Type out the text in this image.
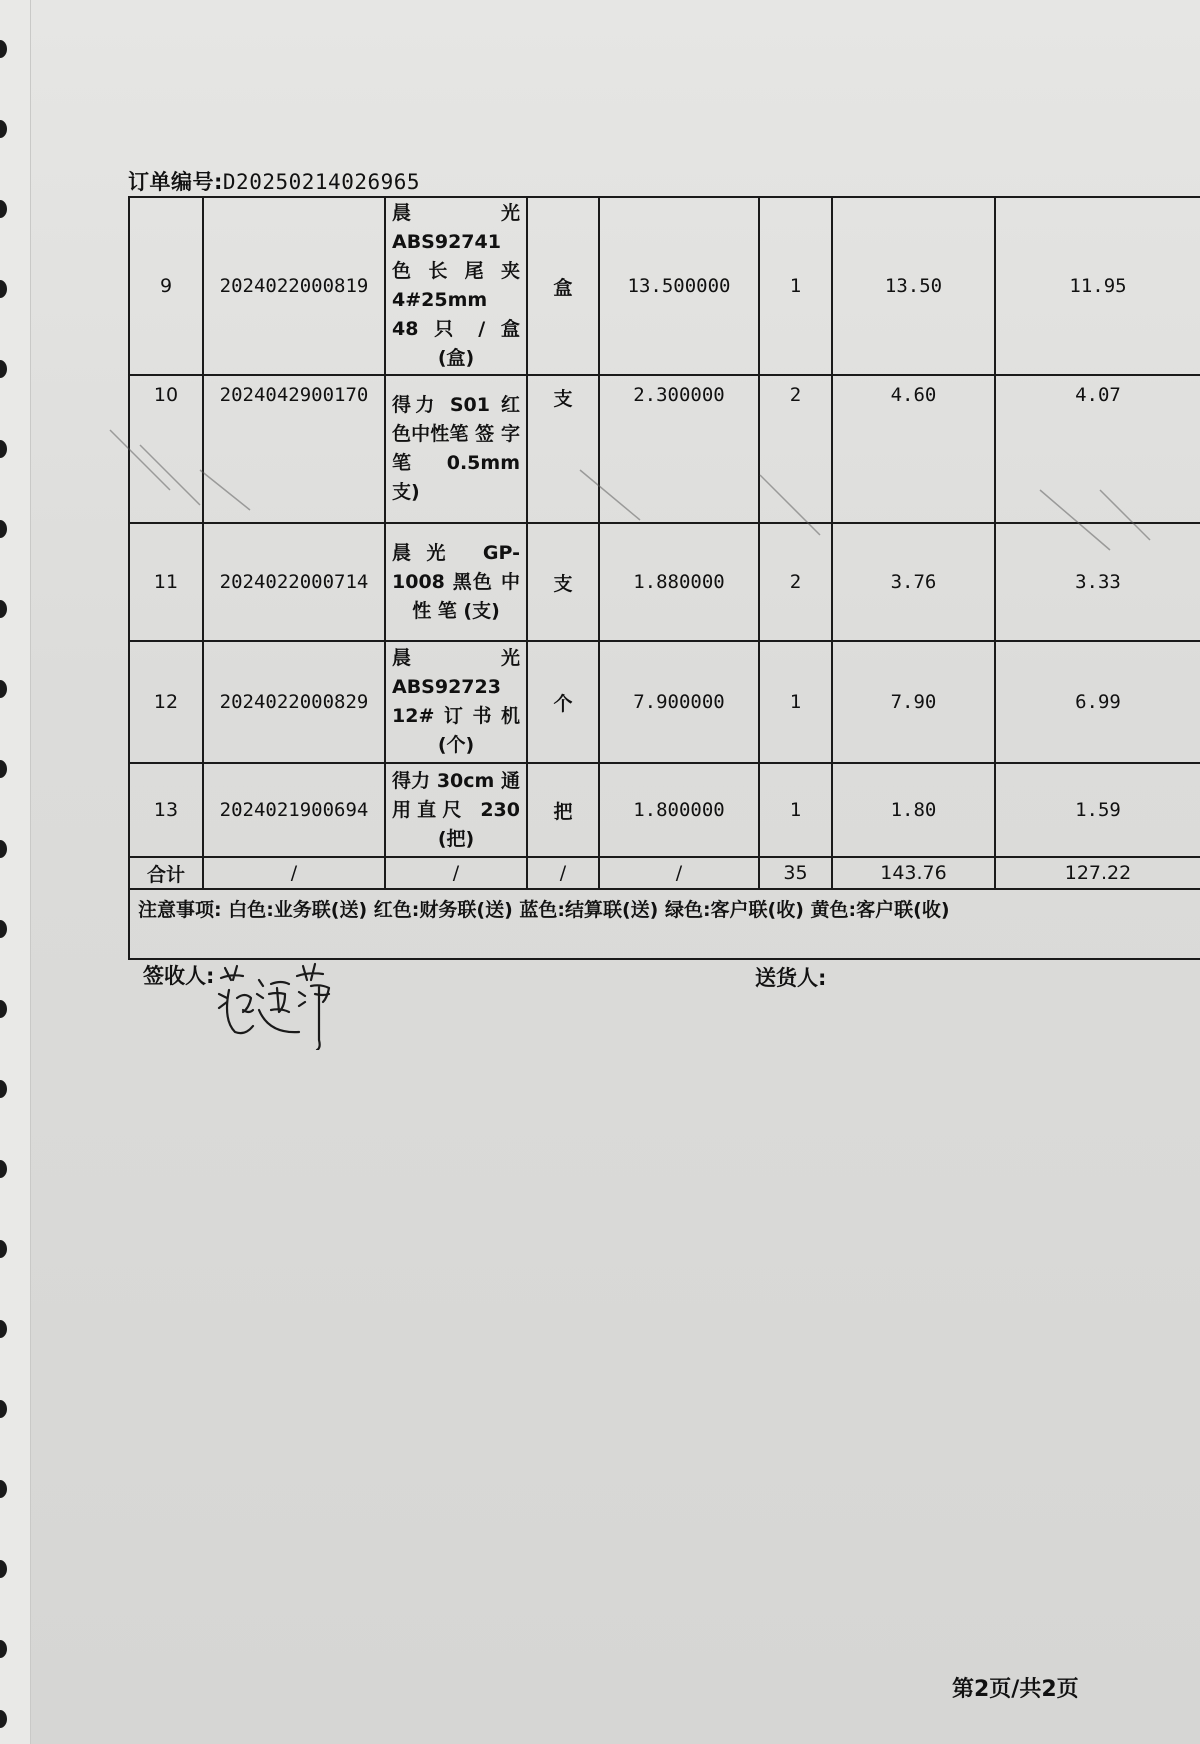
订单编号:D20250214026965
9	2024022000819	晨 光 ABS92741 色长尾夹 4#25mm 48 只 / 盒 (盒)	盒	13.500000	1	13.50	11.95
10	2024042900170	得力 S01 红色中性笔 签 字 笔 0.5mm 支)	支	2.300000	2	4.60	4.07
11	2024022000714	晨光 GP-1008 黑色 中 性 笔 (支)	支	1.880000	2	3.76	3.33
12	2024022000829	晨 光 ABS92723 12#订书机 (个)	个	7.900000	1	7.90	6.99
13	2024021900694	得力 30cm 通用直尺 230 (把)	把	1.800000	1	1.80	1.59
合计	/	/	/	/	35	143.76	127.22
注意事项: 白色:业务联(送) 红色:财务联(送) 蓝色:结算联(送) 绿色:客户联(收) 黄色:客户联(收)							
签收人:	送货人:
第2页/共2页
